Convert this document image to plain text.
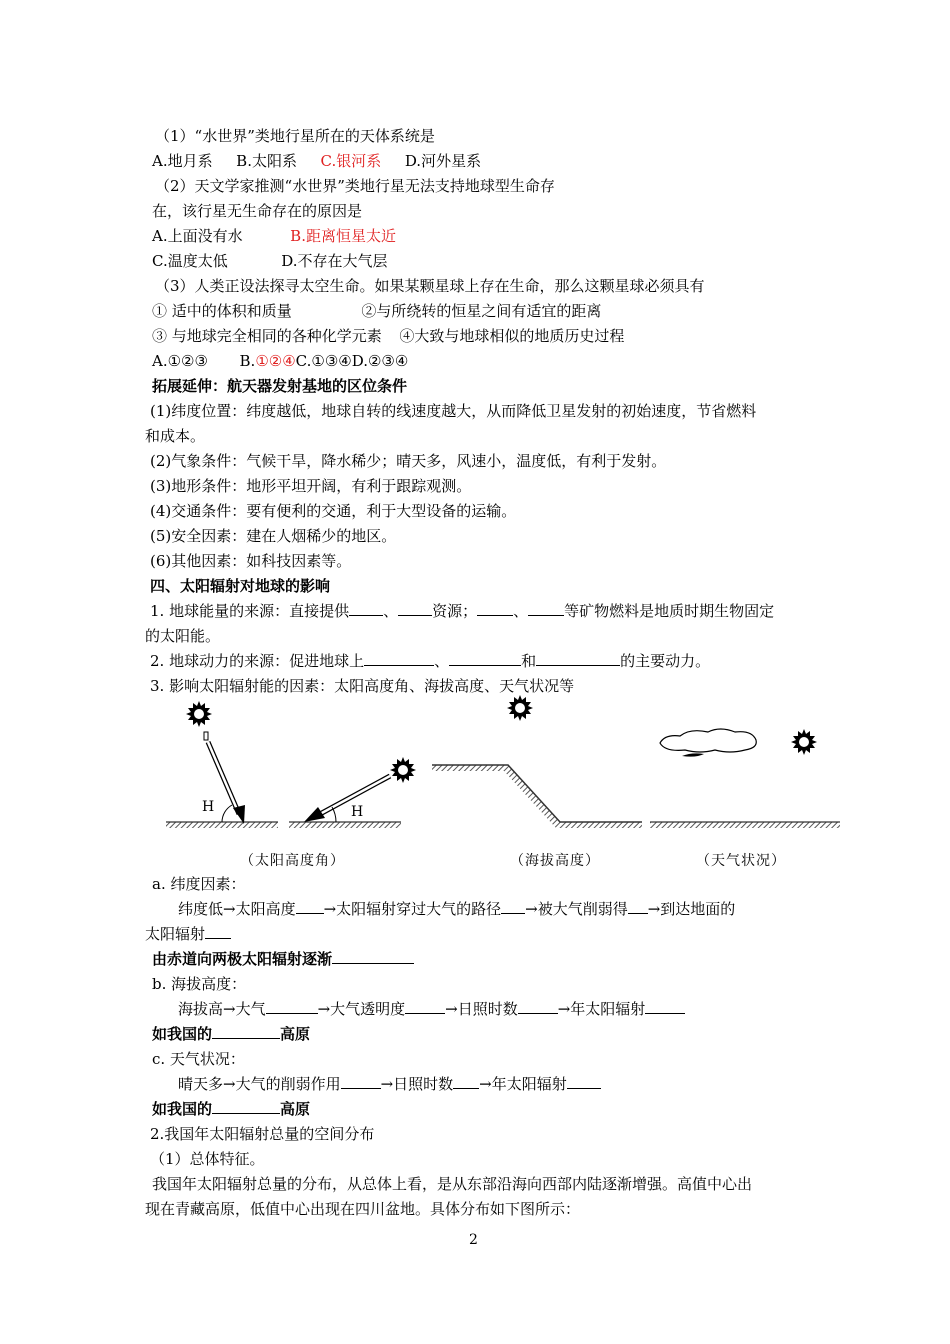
（1）“水世界”类地行星所在的天体系统是
A.地月系 B.太阳系 C.银河系 D.河外星系
（2）天文学家推测“水世界”类地行星无法支持地球型生命存
在，该行星无生命存在的原因是
A.上面没有水	B.距离恒星太近
C.温度太低	D.不存在大气层
（3）人类正设法探寻太空生命。如果某颗星球上存在生命，那么这颗星球必须具有
① 适中的体积和质量	②与所绕转的恒星之间有适宜的距离
③ 与地球完全相同的各种化学元素 ④大致与地球相似的地质历史过程
A.①②③ B.①②④C.①③④D.②③④
拓展延伸：航天器发射基地的区位条件
(1)纬度位置：纬度越低，地球自转的线速度越大，从而降低卫星发射的初始速度，节省燃料
和成本。
(2)气象条件：气候干旱，降水稀少；晴天多，风速小，温度低，有利于发射。
(3)地形条件：地形平坦开阔，有利于跟踪观测。
(4)交通条件：要有便利的交通，利于大型设备的运输。
(5)安全因素：建在人烟稀少的地区。
(6)其他因素：如科技因素等。
四、太阳辐射对地球的影响
1. 地球能量的来源：直接提供 、 资源； 、 等矿物燃料是地质时期生物固定
的太阳能。
2. 地球动力的来源：促进地球上	、	和	的主要动力。
3. 影响太阳辐射能的因素：太阳高度角、海拔高度、天气状况等
H	H
（太阳高度角）	（海拔高度）	（天气状况）
a. 纬度因素：
纬度低→太阳高度 →太阳辐射穿过大气的路径 →被大气削弱得 →到达地面的
太阳辐射
由赤道向两极太阳辐射逐渐
b. 海拔高度：
海拔高→大气	→大气透明度	→日照时数	→年太阳辐射
如我国的	高原
c. 天气状况：
晴天多→大气的削弱作用	→日照时数 →年太阳辐射
如我国的	高原
2.我国年太阳辐射总量的空间分布
（1）总体特征。
我国年太阳辐射总量的分布，从总体上看，是从东部沿海向西部内陆逐渐增强。高值中心出
现在青藏高原，低值中心出现在四川盆地。具体分布如下图所示：
2
